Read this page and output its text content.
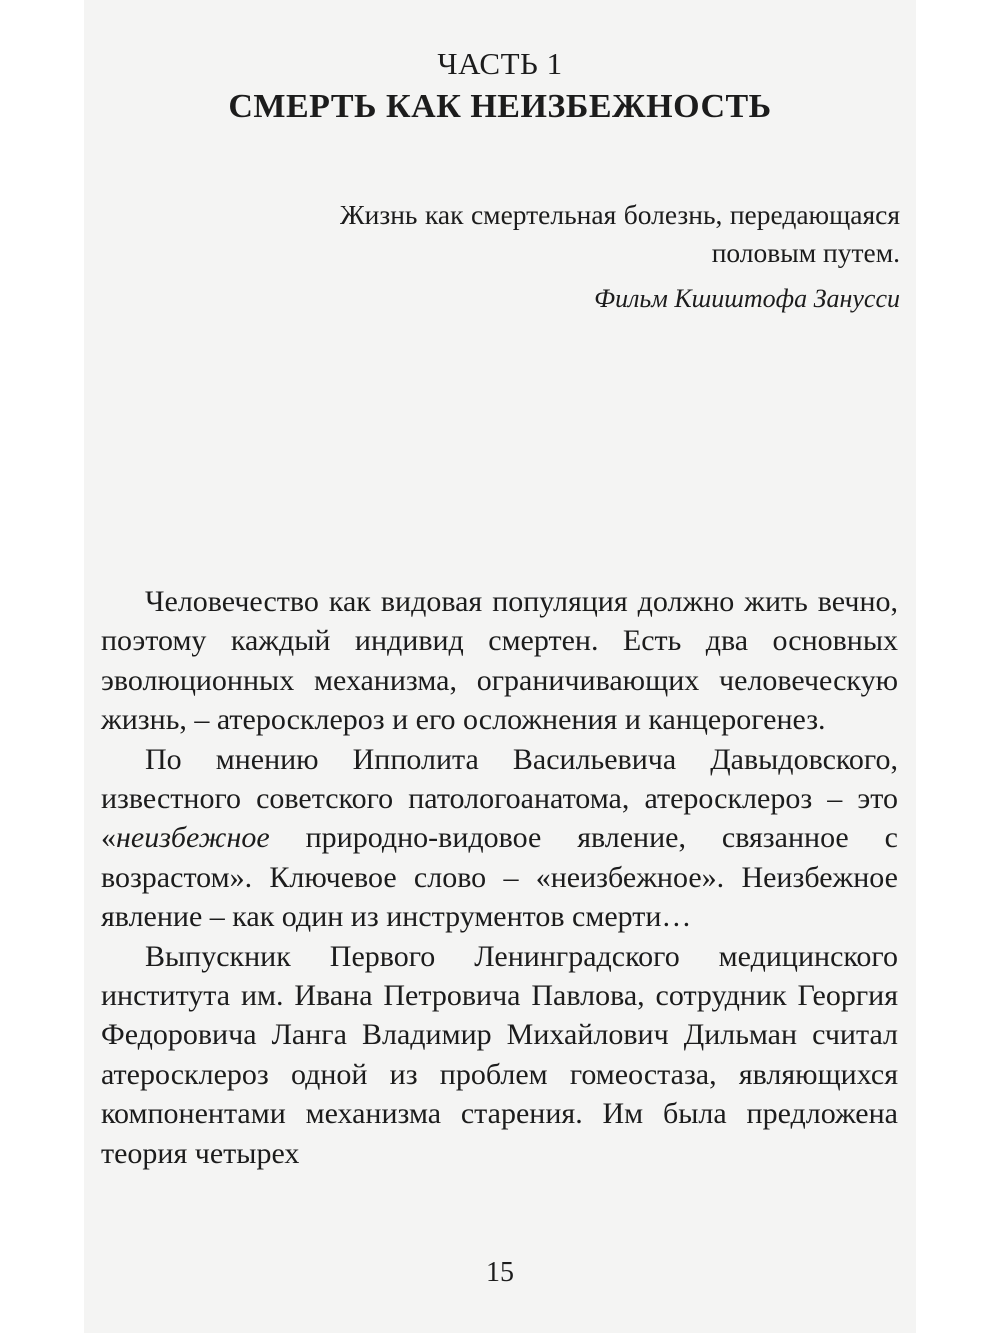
ЧАСТЬ 1
СМЕРТЬ КАК НЕИЗБЕЖНОСТЬ
Жизнь как смертельная болезнь, передающаяся половым путем.
Фильм Кшиштофа Занусси

Человечество как видовая популяция должно жить вечно, поэтому каждый индивид смертен. Есть два основных эволюционных механизма, ограничивающих человеческую жизнь, – атеросклероз и его осложнения и канцерогенез.

По мнению Ипполита Васильевича Давыдовского, известного советского патологоанатома, атеросклероз – это «неизбежное природно-видовое явление, связанное с возрастом». Ключевое слово – «неизбежное». Неизбежное явление – как один из инструментов смерти…

Выпускник Первого Ленинградского медицинского института им. Ивана Петровича Павлова, сотрудник Георгия Федоровича Ланга Владимир Михайлович Дильман считал атеросклероз одной из проблем гомеостаза, являющихся компонентами механизма старения. Им была предложена теория четырех

15
